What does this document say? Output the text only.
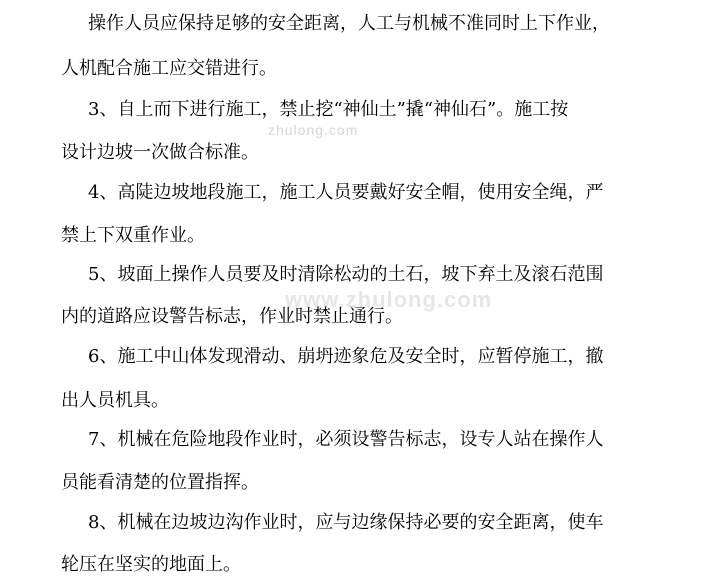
zhulong.com
www.zhulong.com
操作人员应保持足够的安全距离，人工与机械不准同时上下作业，
人机配合施工应交错进行。
3、自上而下进行施工，禁止挖“神仙土”撬“神仙石”。施工按
设计边坡一次做合标准。
4、高陡边坡地段施工，施工人员要戴好安全帽，使用安全绳，严
禁上下双重作业。
5、坡面上操作人员要及时清除松动的土石，坡下弃土及滚石范围
内的道路应设警告标志，作业时禁止通行。
6、施工中山体发现滑动、崩坍迹象危及安全时，应暂停施工，撤
出人员机具。
7、机械在危险地段作业时，必须设警告标志，设专人站在操作人
员能看清楚的位置指挥。
8、机械在边坡边沟作业时，应与边缘保持必要的安全距离，使车
轮压在坚实的地面上。
